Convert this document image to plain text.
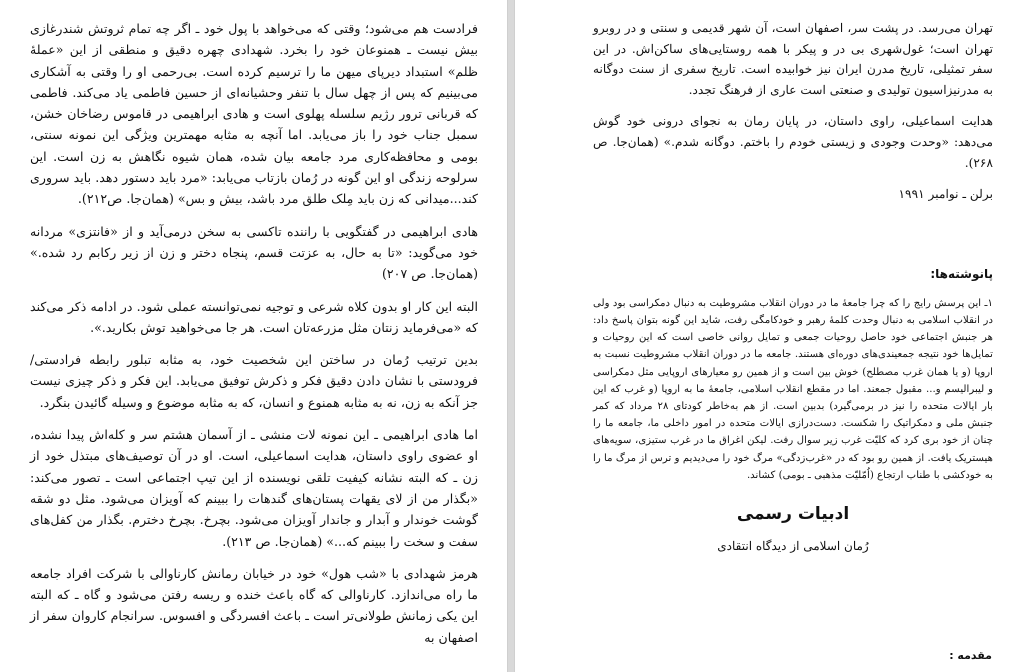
فرادست هم می‌شود؛ وقتی که می‌خواهد با پول خود ـ اگر چه تمام ثروتش شندرغازی بیش نیست ـ همنوعان خود را بخرد. شهدادی چهره دقیق و منطقی از این «عملهٔ ظلم» استبداد دیرپای میهن ما را ترسیم کرده است. بی‌رحمی او را وقتی به آشکاری می‌بینیم که پس از چهل سال با تنفر وحشیانه‌ای از حسین فاطمی یاد می‌کند. فاطمی که قربانی ترور رژیم سلسله پهلوی است و هادی ابراهیمی در قاموس رضاخان خشن، سمبل جناب خود را باز می‌یابد. اما آنچه به مثابه مهمترین ویژگی این نمونه سنتی، بومی و محافظه‌کاری مرد جامعه بیان شده، همان شیوه نگاهش به زن است. این سرلوحه زندگی او این گونه در رُمان بازتاب می‌یابد: «مرد باید دستور دهد. باید سروری کند...میدانی که زن باید مِلک طلق مرد باشد، بیش و بس» (همان‌جا. ص۲۱۲).

هادی ابراهیمی در گفتگویی با راننده تاکسی به سخن درمی‌آید و از «فانتزی» مردانه خود می‌گوید: «تا به حال، به عزتت قسم، پنجاه دختر و زن از زیر رکابم رد شده.» (همان‌جا. ص ۲۰۷)

البته این کار او بدون کلاه شرعی و توجیه نمی‌توانسته عملی شود. در ادامه ذکر می‌کند که «می‌فرماید زنتان مثل مزرعه‌تان است. هر جا می‌خواهید توش بکارید.».

بدین ترتیب رُمان در ساختن این شخصیت خود، به مثابه تبلور رابطه فرادستی/ فرودستی با نشان دادن دقیق فکر و ذکرش توفیق می‌یابد. این فکر و ذکر چیزی نیست جز آنکه به زن، نه به مثابه همنوع و انسان، که به مثابه موضوع و وسیله گائیدن بنگرد.

اما هادی ابراهیمی ـ این نمونه لات منشی ـ از آسمان هشتم سر و کله‌اش پیدا نشده، او عضوی راوی داستان، هدایت اسماعیلی، است. او در آن توصیف‌های مبتذل خود از زن ـ که البته نشانه کیفیت تلقی نویسنده از این تیپ اجتماعی است ـ تصور می‌کند: «بگذار من از لای یقهات پستان‌های گندهات را ببینم که آویزان می‌شود. مثل دو شقه گوشت خوندار و آبدار و جاندار آویزان می‌شود. بچرخ. بچرخ دخترم. بگذار من کفل‌های سفت و سخت را ببینم که...» (همان‌جا. ص ۲۱۳).

هرمز شهدادی با «شب هول» خود در خیابان رمانش کارناوالی با شرکت افراد جامعه ما راه می‌اندازد. کارناوالی که گاه باعث خنده و ریسه رفتن می‌شود و گاه ـ که البته این یکی زمانش طولانی‌تر است ـ باعث افسردگی و افسوس. سرانجام کاروان سفر از اصفهان به

تهران می‌رسد. در پشت سر، اصفهان است، آن شهر قدیمی و سنتی و در روبرو تهران است؛ غول‌شهری بی در و پیکر با همه روستایی‌های ساکن‌اش. در این سفر تمثیلی، تاریخ مدرن ایران نیز خوابیده است. تاریخ سفری از سنت دوگانه به مدرنیزاسیون تولیدی و صنعتی است عاری از فرهنگ تجدد.

هدایت اسماعیلی، راوی داستان، در پایان رمان به نجوای درونی خود گوش می‌دهد: «وحدت وجودی و زیستی خودم را باختم. دوگانه شدم.» (همان‌جا. ص ۲۶۸).

برلن ـ نوامبر ۱۹۹۱

پانوشته‌ها:

۱ـ این پرسش رایج را که چرا جامعهٔ ما در دوران انقلاب مشروطیت به دنبال دمکراسی بود ولی در انقلاب اسلامی به دنبال وحدت کلمهٔ رهبر و خودکامگی رفت، شاید این گونه بتوان پاسخ داد: هر جنبش اجتماعی خود حاصل روحیات جمعی و تمایل روانی خاصی است که این روحیات و تمایل‌ها خود نتیجه جمعیندی‌های دوره‌ای هستند. جامعه ما در دوران انقلاب مشروطیت نسبت به اروپا (و یا همان غرب مصطلح) خوش بین است و از همین رو معیارهای اروپایی مثل دمکراسی و لیبرالیسم و... مقبول جمعند. اما در مقطع انقلاب اسلامی، جامعهٔ ما به اروپا (و غرب که این بار ایالات متحده را نیز در برمی‌گیرد) بدبین است. از هم به‌خاطر کودتای ۲۸ مرداد که کمر جنبش ملی و دمکراتیک را شکست. دست‌درازی ایالات متحده در امور داخلی ما، جامعه ما را چنان از خود بری کرد که کلیّت غرب زیر سوال رفت. لیکن اغراق ما در غرب ستیزی، سویه‌های هیستریک یافت. از همین رو بود که در «غرب‌زدگی» مرگ خود را می‌دیدیم و ترس از مرگ ما را به خودکشی با طناب ارتجاع (اُمّلیّت مذهبی ـ بومی) کشاند.

ادبیات رسمی

رُمان اسلامی از دیدگاه انتقادی

مقدمه :
